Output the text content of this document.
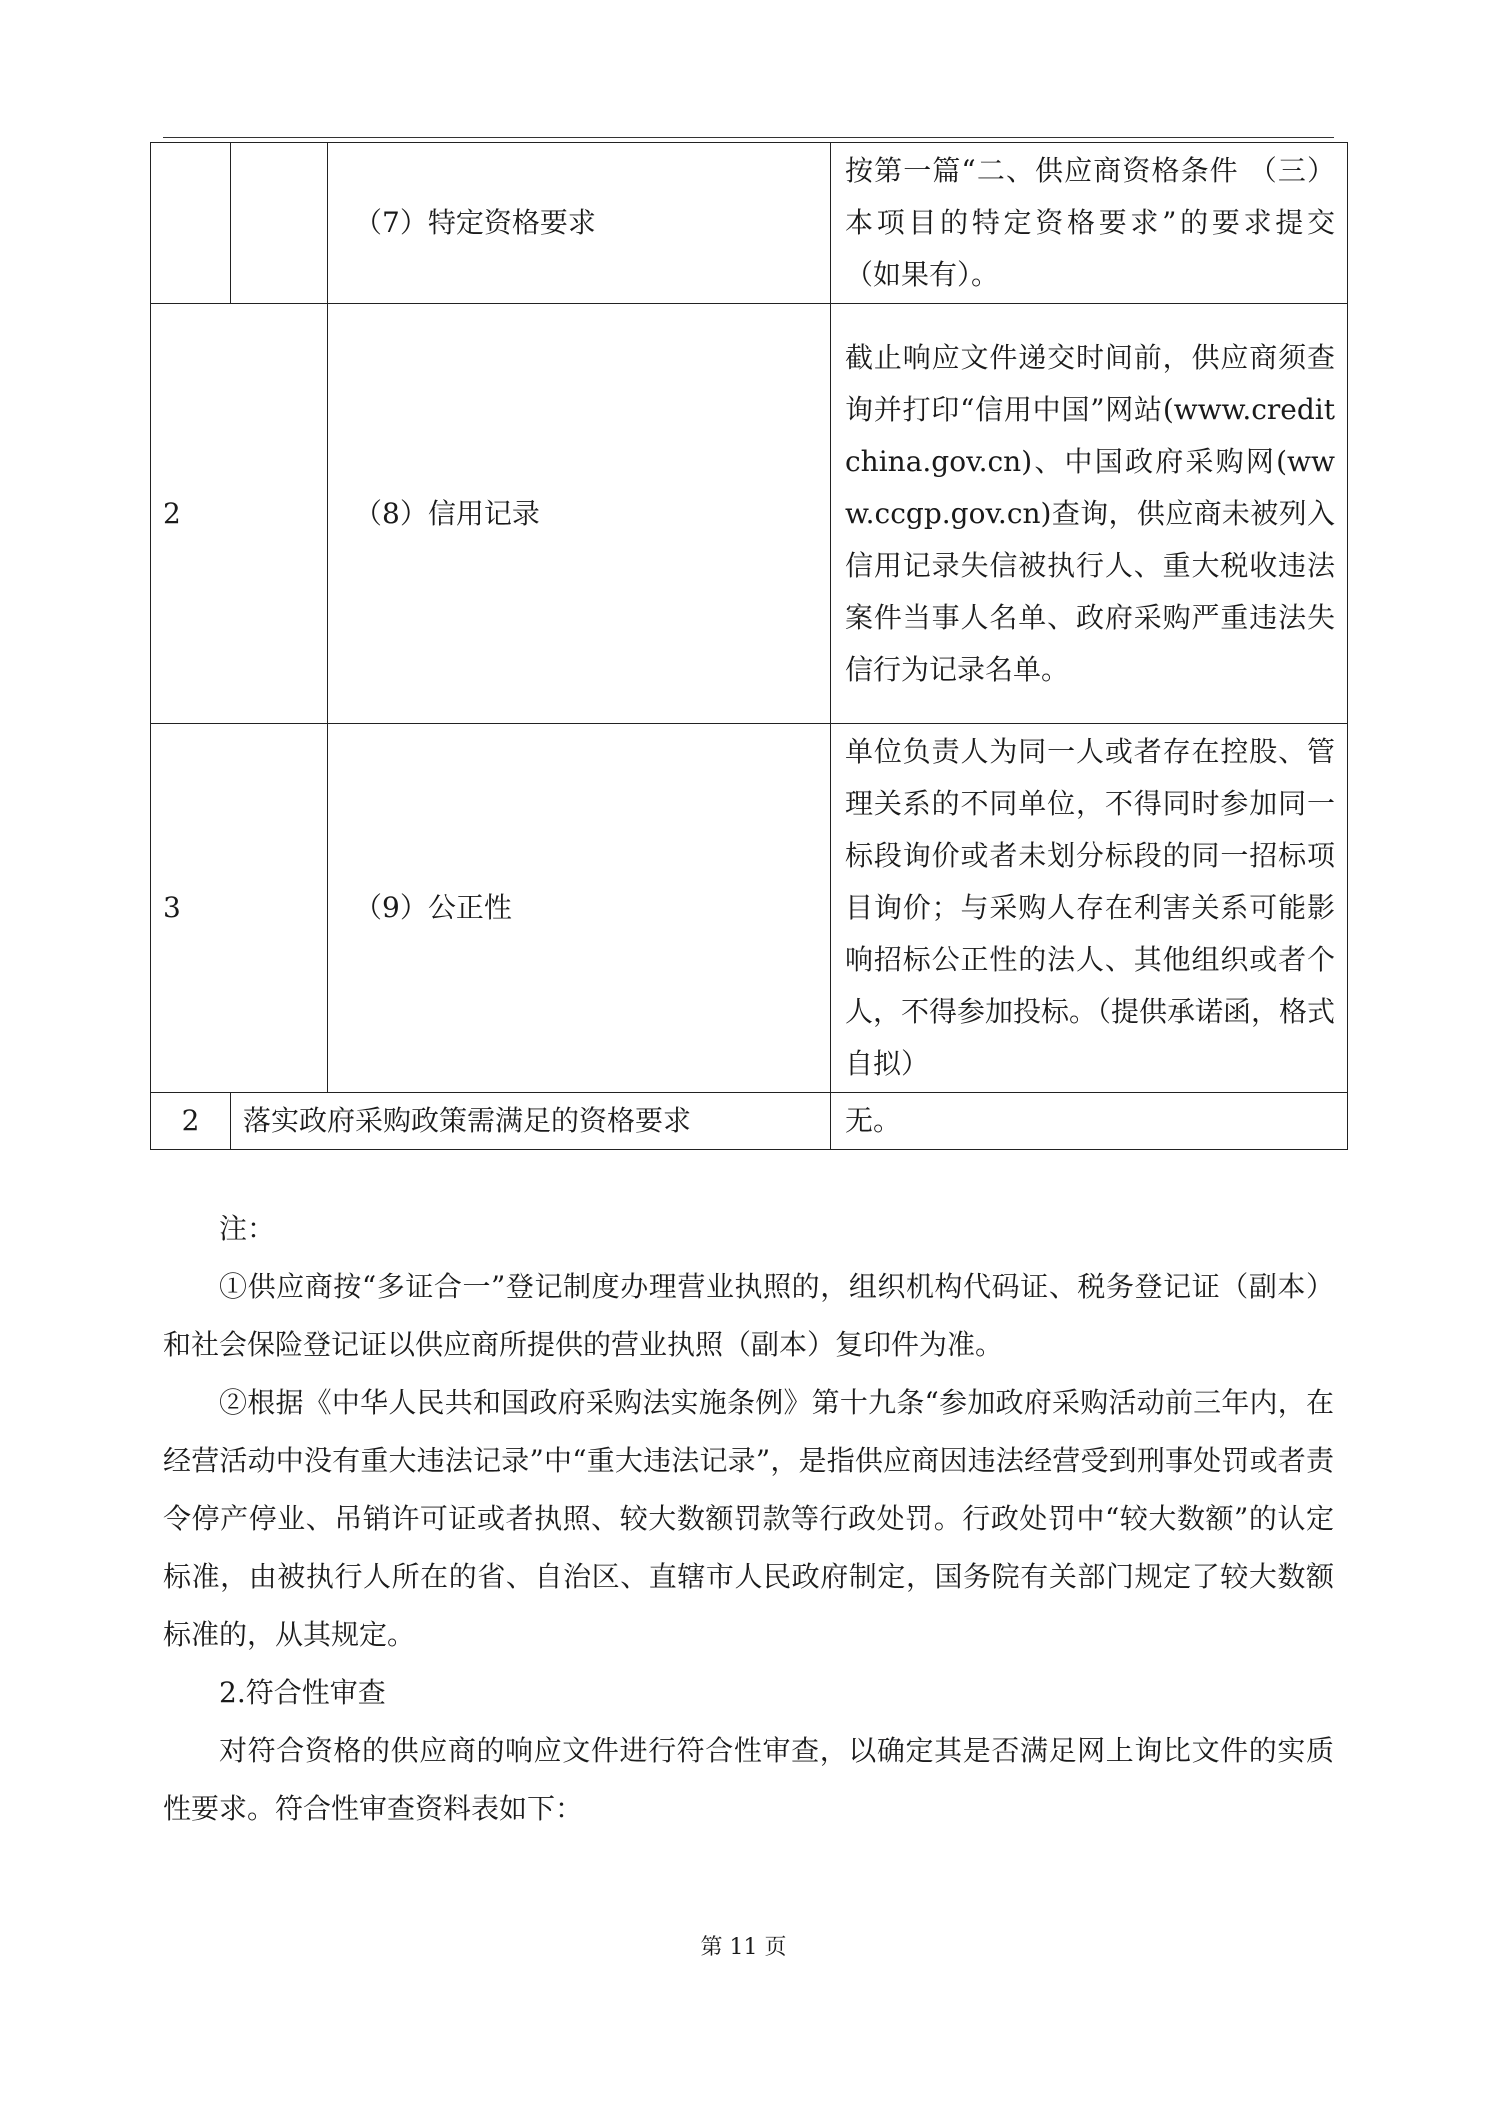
		（7）特定资格要求	按第一篇“二、供应商资格条件 （三）本项目的特定资格要求”的要求提交（如果有）。
2		（8）信用记录	截止响应文件递交时间前，供应商须查询并打印“信用中国”网站(www.creditchina.gov.cn)、中国政府采购网(www.ccgp.gov.cn)查询，供应商未被列入信用记录失信被执行人、重大税收违法案件当事人名单、政府采购严重违法失信行为记录名单。
3		（9）公正性	单位负责人为同一人或者存在控股、管理关系的不同单位，不得同时参加同一标段询价或者未划分标段的同一招标项目询价；与采购人存在利害关系可能影响招标公正性的法人、其他组织或者个人，不得参加投标。（提供承诺函，格式自拟）
2	落实政府采购政策需满足的资格要求		无。

注：

①供应商按“多证合一”登记制度办理营业执照的，组织机构代码证、税务登记证（副本）和社会保险登记证以供应商所提供的营业执照（副本）复印件为准。

②根据《中华人民共和国政府采购法实施条例》第十九条“参加政府采购活动前三年内，在经营活动中没有重大违法记录”中“重大违法记录”，是指供应商因违法经营受到刑事处罚或者责令停产停业、吊销许可证或者执照、较大数额罚款等行政处罚。行政处罚中“较大数额”的认定标准，由被执行人所在的省、自治区、直辖市人民政府制定，国务院有关部门规定了较大数额标准的，从其规定。

2.符合性审查

对符合资格的供应商的响应文件进行符合性审查，以确定其是否满足网上询比文件的实质性要求。符合性审查资料表如下：

第 11 页
